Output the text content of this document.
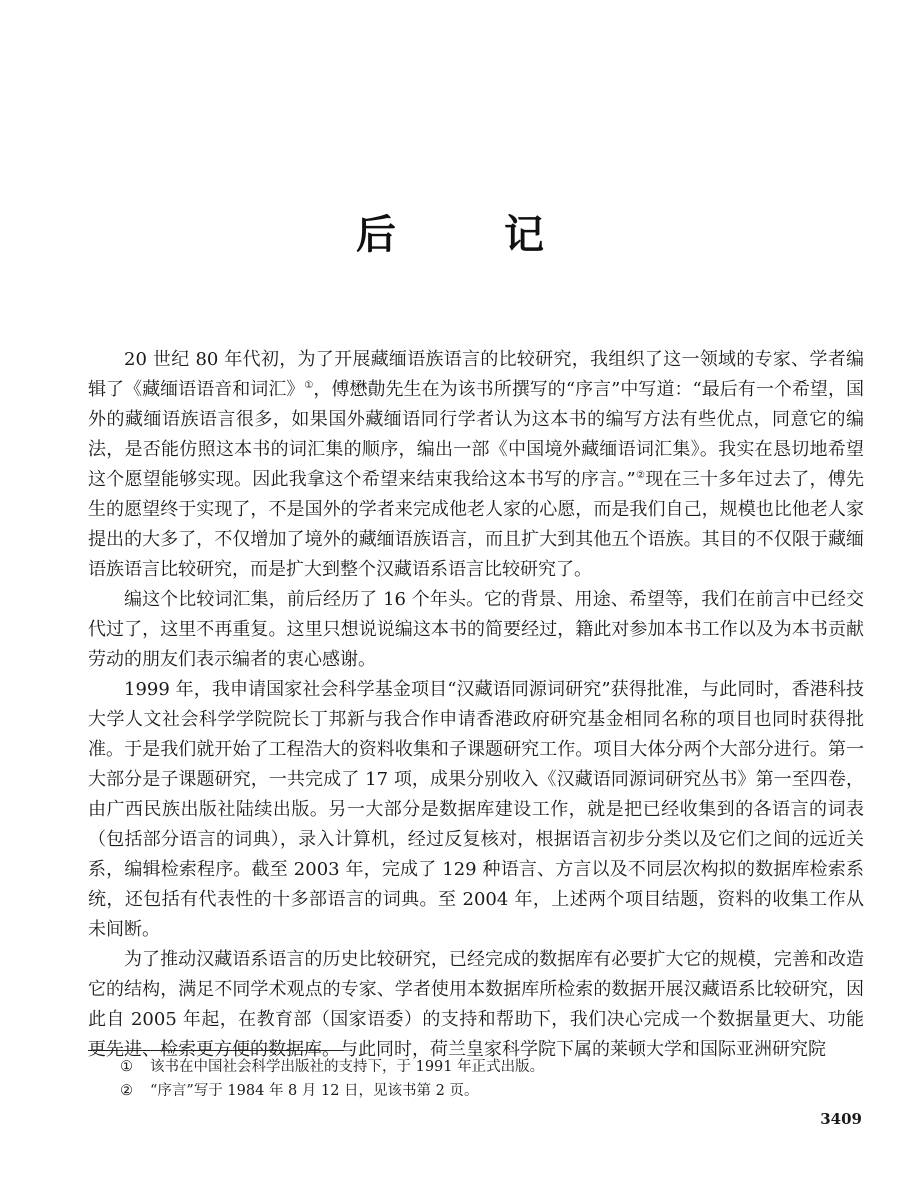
后　记

20 世纪 80 年代初，为了开展藏缅语族语言的比较研究，我组织了这一领域的专家、学者编辑了《藏缅语语音和词汇》①，傅懋勣先生在为该书所撰写的“序言”中写道：“最后有一个希望，国外的藏缅语族语言很多，如果国外藏缅语同行学者认为这本书的编写方法有些优点，同意它的编法，是否能仿照这本书的词汇集的顺序，编出一部《中国境外藏缅语词汇集》。我实在恳切地希望这个愿望能够实现。因此我拿这个希望来结束我给这本书写的序言。”②现在三十多年过去了，傅先生的愿望终于实现了，不是国外的学者来完成他老人家的心愿，而是我们自己，规模也比他老人家提出的大多了，不仅增加了境外的藏缅语族语言，而且扩大到其他五个语族。其目的不仅限于藏缅语族语言比较研究，而是扩大到整个汉藏语系语言比较研究了。

编这个比较词汇集，前后经历了 16 个年头。它的背景、用途、希望等，我们在前言中已经交代过了，这里不再重复。这里只想说说编这本书的简要经过，籍此对参加本书工作以及为本书贡献劳动的朋友们表示编者的衷心感谢。

1999 年，我申请国家社会科学基金项目“汉藏语同源词研究”获得批准，与此同时，香港科技大学人文社会科学学院院长丁邦新与我合作申请香港政府研究基金相同名称的项目也同时获得批准。于是我们就开始了工程浩大的资料收集和子课题研究工作。项目大体分两个大部分进行。第一大部分是子课题研究，一共完成了 17 项，成果分别收入《汉藏语同源词研究丛书》第一至四卷，由广西民族出版社陆续出版。另一大部分是数据库建设工作，就是把已经收集到的各语言的词表（包括部分语言的词典），录入计算机，经过反复核对，根据语言初步分类以及它们之间的远近关系，编辑检索程序。截至 2003 年，完成了 129 种语言、方言以及不同层次构拟的数据库检索系统，还包括有代表性的十多部语言的词典。至 2004 年，上述两个项目结题，资料的收集工作从未间断。

为了推动汉藏语系语言的历史比较研究，已经完成的数据库有必要扩大它的规模，完善和改造它的结构，满足不同学术观点的专家、学者使用本数据库所检索的数据开展汉藏语系比较研究，因此自 2005 年起，在教育部（国家语委）的支持和帮助下，我们决心完成一个数据量更大、功能更先进、检索更方便的数据库。与此同时，荷兰皇家科学院下属的莱顿大学和国际亚洲研究院

① 该书在中国社会科学出版社的支持下，于 1991 年正式出版。
② “序言”写于 1984 年 8 月 12 日，见该书第 2 页。
3409
